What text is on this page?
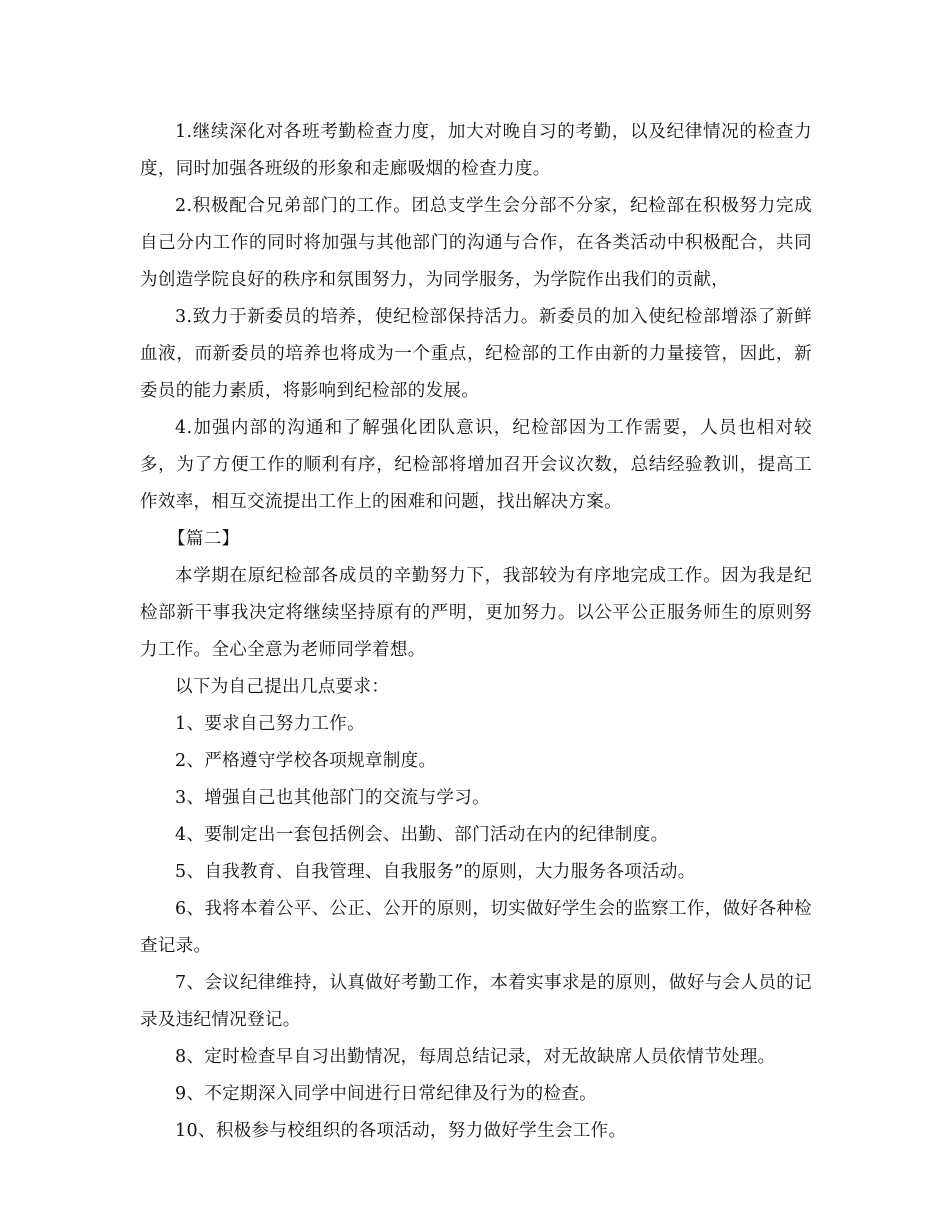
1.继续深化对各班考勤检查力度，加大对晚自习的考勤，以及纪律情况的检查力度，同时加强各班级的形象和走廊吸烟的检查力度。

2.积极配合兄弟部门的工作。团总支学生会分部不分家，纪检部在积极努力完成自己分内工作的同时将加强与其他部门的沟通与合作，在各类活动中积极配合，共同为创造学院良好的秩序和氛围努力，为同学服务，为学院作出我们的贡献，

3.致力于新委员的培养，使纪检部保持活力。新委员的加入使纪检部增添了新鲜血液，而新委员的培养也将成为一个重点，纪检部的工作由新的力量接管，因此，新委员的能力素质，将影响到纪检部的发展。

4.加强内部的沟通和了解强化团队意识，纪检部因为工作需要，人员也相对较多，为了方便工作的顺利有序，纪检部将增加召开会议次数，总结经验教训，提高工作效率，相互交流提出工作上的困难和问题，找出解决方案。

【篇二】

本学期在原纪检部各成员的辛勤努力下，我部较为有序地完成工作。因为我是纪检部新干事我决定将继续坚持原有的严明，更加努力。以公平公正服务师生的原则努力工作。全心全意为老师同学着想。

以下为自己提出几点要求：

1、要求自己努力工作。

2、严格遵守学校各项规章制度。

3、增强自己也其他部门的交流与学习。

4、要制定出一套包括例会、出勤、部门活动在内的纪律制度。

5、自我教育、自我管理、自我服务”的原则，大力服务各项活动。

6、我将本着公平、公正、公开的原则，切实做好学生会的监察工作，做好各种检查记录。

7、会议纪律维持，认真做好考勤工作，本着实事求是的原则，做好与会人员的记录及违纪情况登记。

8、定时检查早自习出勤情况，每周总结记录，对无故缺席人员依情节处理。

9、不定期深入同学中间进行日常纪律及行为的检查。

10、积极参与校组织的各项活动，努力做好学生会工作。
